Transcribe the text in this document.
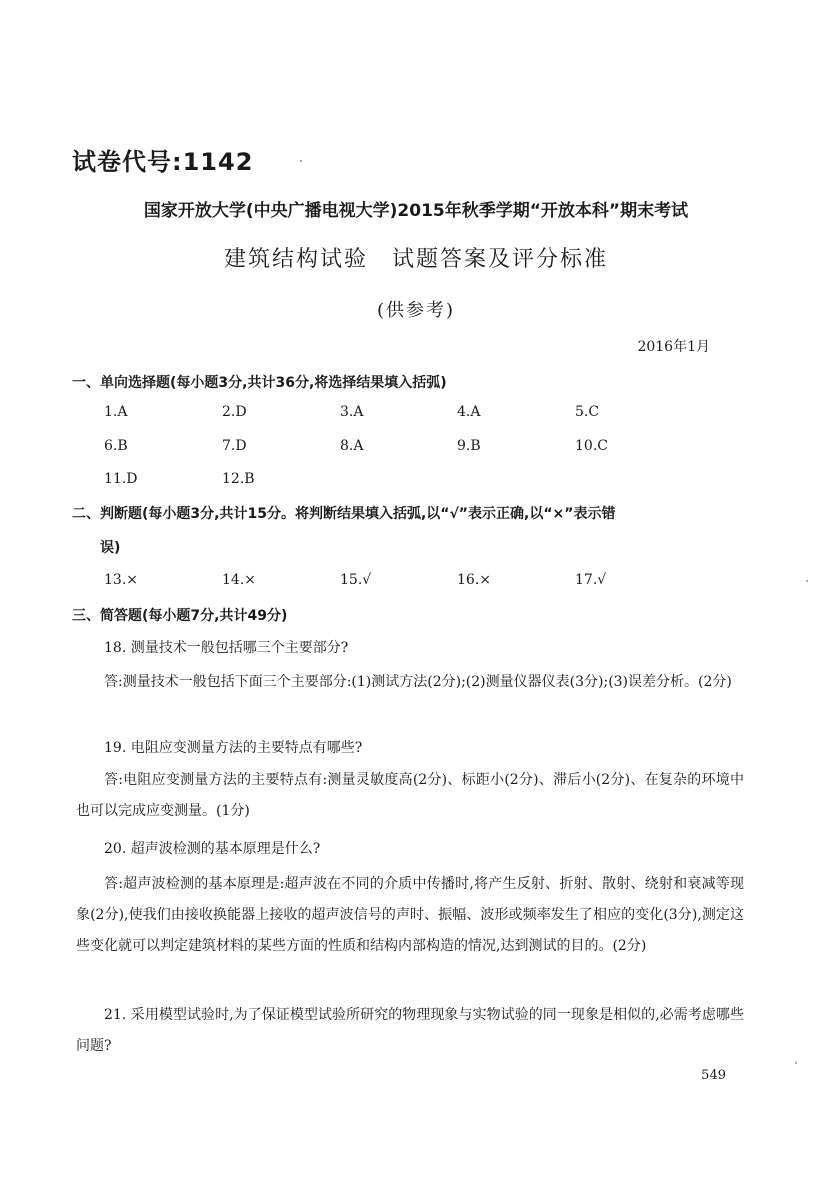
试卷代号:1142
国家开放大学(中央广播电视大学)2015年秋季学期“开放本科”期末考试
建筑结构试验 试题答案及评分标准
(供参考)
2016年1月
一、单向选择题(每小题3分,共计36分,将选择结果填入括弧)
1.A	2.D	3.A	4.A	5.C
6.B	7.D	8.A	9.B	10.C
11.D	12.B
二、判断题(每小题3分,共计15分。将判断结果填入括弧,以“√”表示正确,以“×”表示错
误)
13.×	14.×	15.√	16.×	17.√
三、简答题(每小题7分,共计49分)
18. 测量技术一般包括哪三个主要部分?
答:测量技术一般包括下面三个主要部分:(1)测试方法(2分);(2)测量仪器仪表(3分);(3)误差分析。(2分)
19. 电阻应变测量方法的主要特点有哪些?
答:电阻应变测量方法的主要特点有:测量灵敏度高(2分)、标距小(2分)、滞后小(2分)、在复杂的环境中也可以完成应变测量。(1分)
20. 超声波检测的基本原理是什么?
答:超声波检测的基本原理是:超声波在不同的介质中传播时,将产生反射、折射、散射、绕射和衰减等现象(2分),使我们由接收换能器上接收的超声波信号的声时、振幅、波形或频率发生了相应的变化(3分),测定这些变化就可以判定建筑材料的某些方面的性质和结构内部构造的情况,达到测试的目的。(2分)
21. 采用模型试验时,为了保证模型试验所研究的物理现象与实物试验的同一现象是相似的,必需考虑哪些问题?
549
